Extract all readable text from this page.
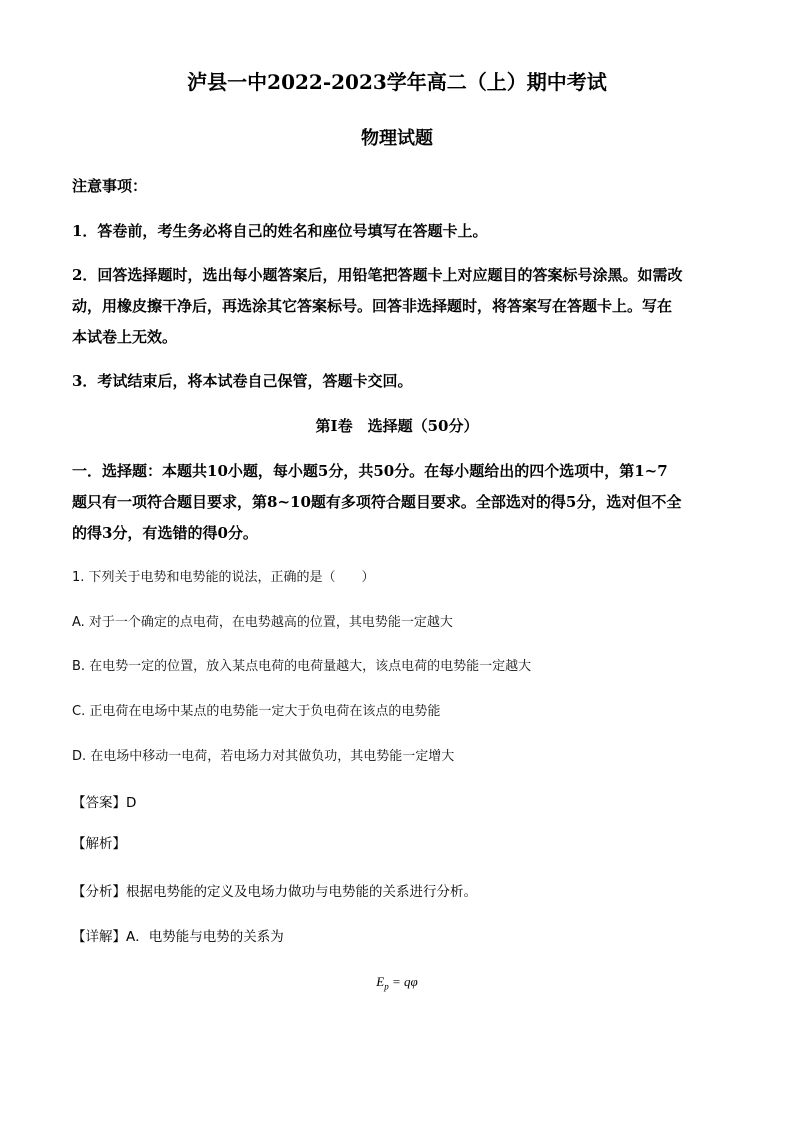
泸县一中2022-2023学年高二（上）期中考试
物理试题
注意事项：
1．答卷前，考生务必将自己的姓名和座位号填写在答题卡上。
2．回答选择题时，选出每小题答案后，用铅笔把答题卡上对应题目的答案标号涂黑。如需改
动，用橡皮擦干净后，再选涂其它答案标号。回答非选择题时，将答案写在答题卡上。写在
本试卷上无效。
3．考试结束后，将本试卷自己保管，答题卡交回。
第I卷　选择题（50分）
一．选择题：本题共10小题，每小题5分，共50分。在每小题给出的四个选项中，第1~7
题只有一项符合题目要求，第8~10题有多项符合题目要求。全部选对的得5分，选对但不全
的得3分，有选错的得0分。
1. 下列关于电势和电势能的说法，正确的是（　　）
A. 对于一个确定的点电荷，在电势越高的位置，其电势能一定越大
B. 在电势一定的位置，放入某点电荷的电荷量越大，该点电荷的电势能一定越大
C. 正电荷在电场中某点的电势能一定大于负电荷在该点的电势能
D. 在电场中移动一电荷，若电场力对其做负功，其电势能一定增大
【答案】D
【解析】
【分析】根据电势能的定义及电场力做功与电势能的关系进行分析。
【详解】A．电势能与电势的关系为
$E_p = q\varphi$
